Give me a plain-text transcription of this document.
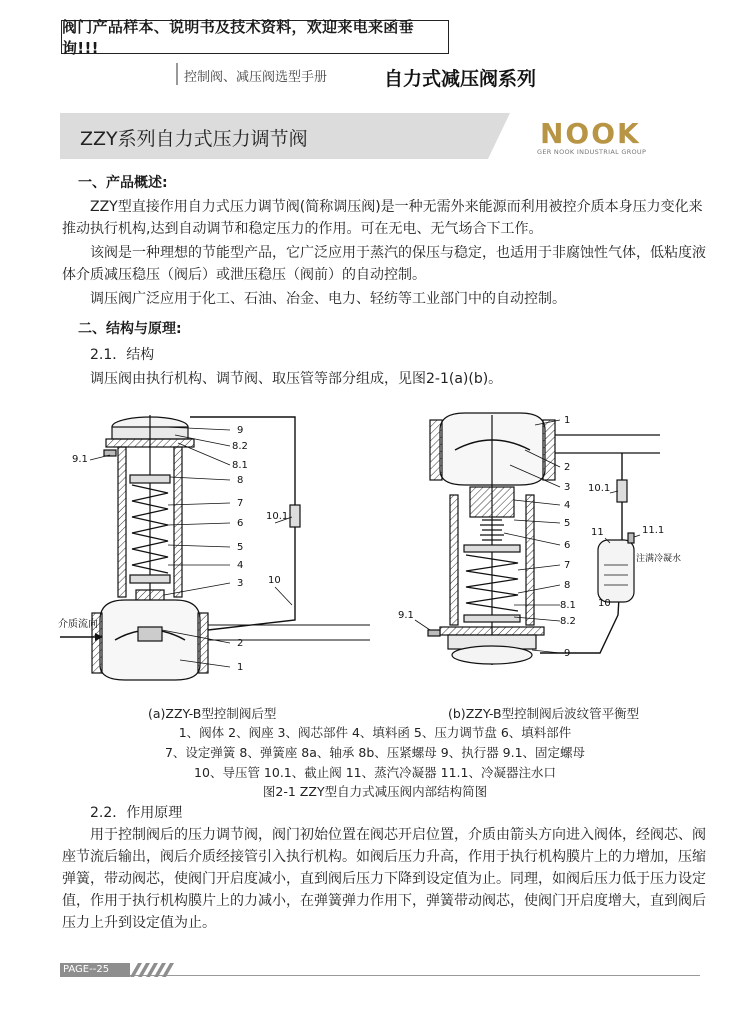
阀门产品样本、说明书及技术资料，欢迎来电来函垂询!!!
控制阀、减压阀选型手册	自力式减压阀系列
ZZY系列自力式压力调节阀	NOOK
GER NOOK INDUSTRIAL GROUP
一、产品概述:
ZZY型直接作用自力式压力调节阀(简称调压阀)是一种无需外来能源而利用被控介质本身压力变化来
推动执行机构,达到自动调节和稳定压力的作用。可在无电、无气场合下工作。
该阀是一种理想的节能型产品，它广泛应用于蒸汽的保压与稳定，也适用于非腐蚀性气体，低粘度液
体介质减压稳压（阀后）或泄压稳压（阀前）的自动控制。
调压阀广泛应用于化工、石油、冶金、电力、轻纺等工业部门中的自动控制。
二、结构与原理:
2.1．结构
调压阀由执行机构、调节阀、取压管等部分组成，见图2-1(a)(b)。
介质流向
9
8.2
8.1
8
7
6
5
4
3
2
1
9.1
10.1
10
1
2
3
4
5
6
7
8
8.1
8.2
9
9.1
10.1
11	11.1
10
注满冷凝水
(a)ZZY-B型控制阀后型	(b)ZZY-B型控制阀后波纹管平衡型
1、阀体 2、阀座 3、阀芯部件 4、填料函 5、压力调节盘 6、填料部件
7、设定弹簧 8、弹簧座 8a、轴承 8b、压紧螺母 9、执行器 9.1、固定螺母
10、导压管 10.1、截止阀 11、蒸汽冷凝器 11.1、冷凝器注水口
图2-1 ZZY型自力式减压阀内部结构简图
2.2．作用原理
用于控制阀后的压力调节阀，阀门初始位置在阀芯开启位置，介质由箭头方向进入阀体，经阀芯、阀
座节流后输出，阀后介质经接管引入执行机构。如阀后压力升高，作用于执行机构膜片上的力增加，压缩
弹簧，带动阀芯，使阀门开启度减小，直到阀后压力下降到设定值为止。同理，如阀后压力低于压力设定
值，作用于执行机构膜片上的力减小，在弹簧弹力作用下，弹簧带动阀芯，使阀门开启度增大，直到阀后
压力上升到设定值为止。
PAGE--25
